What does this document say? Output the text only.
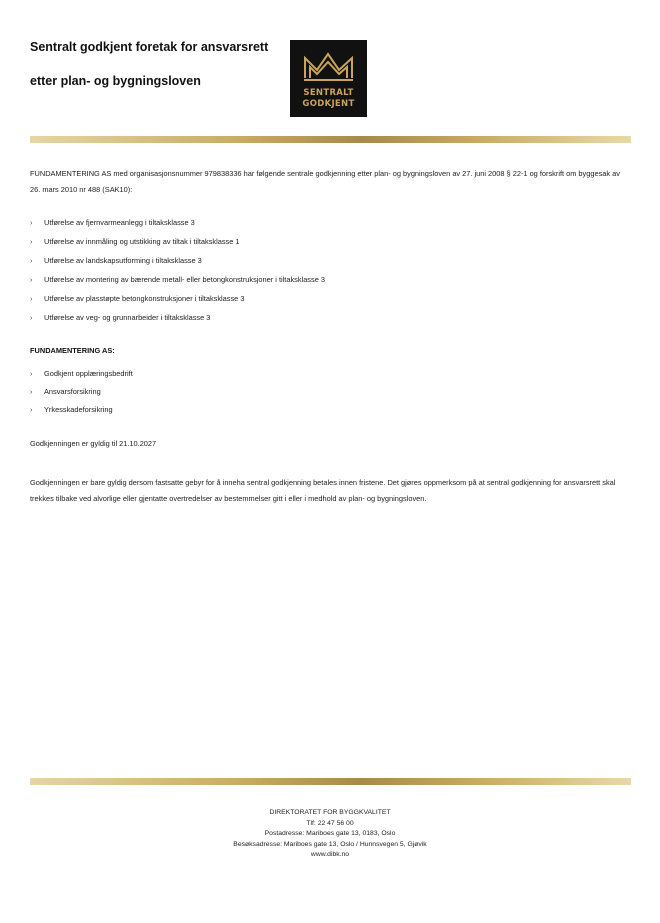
Sentralt godkjent foretak for ansvarsrett
etter plan- og bygningsloven
SENTRALT
GODKJENT
FUNDAMENTERING AS med organisasjonsnummer 979838336 har følgende sentrale godkjenning etter plan- og bygningsloven av 27. juni 2008 § 22-1 og forskrift om byggesak av 26. mars 2010 nr 488 (SAK10):
› Utførelse av fjernvarmeanlegg i tiltaksklasse 3
› Utførelse av innmåling og utstikking av tiltak i tiltaksklasse 1
› Utførelse av landskapsutforming i tiltaksklasse 3
› Utførelse av montering av bærende metall- eller betongkonstruksjoner i tiltaksklasse 3
› Utførelse av plasstøpte betongkonstruksjoner i tiltaksklasse 3
› Utførelse av veg- og grunnarbeider i tiltaksklasse 3
FUNDAMENTERING AS:
› Godkjent opplæringsbedrift
› Ansvarsforsikring
› Yrkesskadeforsikring
Godkjenningen er gyldig til 21.10.2027
Godkjenningen er bare gyldig dersom fastsatte gebyr for å inneha sentral godkjenning betales innen fristene. Det gjøres oppmerksom på at sentral godkjenning for ansvarsrett skal trekkes tilbake ved alvorlige eller gjentatte overtredelser av bestemmelser gitt i eller i medhold av plan- og bygningsloven.
DIREKTORATET FOR BYGGKVALITET
Tlf: 22 47 56 00
Postadresse: Mariboes gate 13, 0183, Oslo
Besøksadresse: Mariboes gate 13, Oslo / Hunnsvegen 5, Gjøvik
www.dibk.no
